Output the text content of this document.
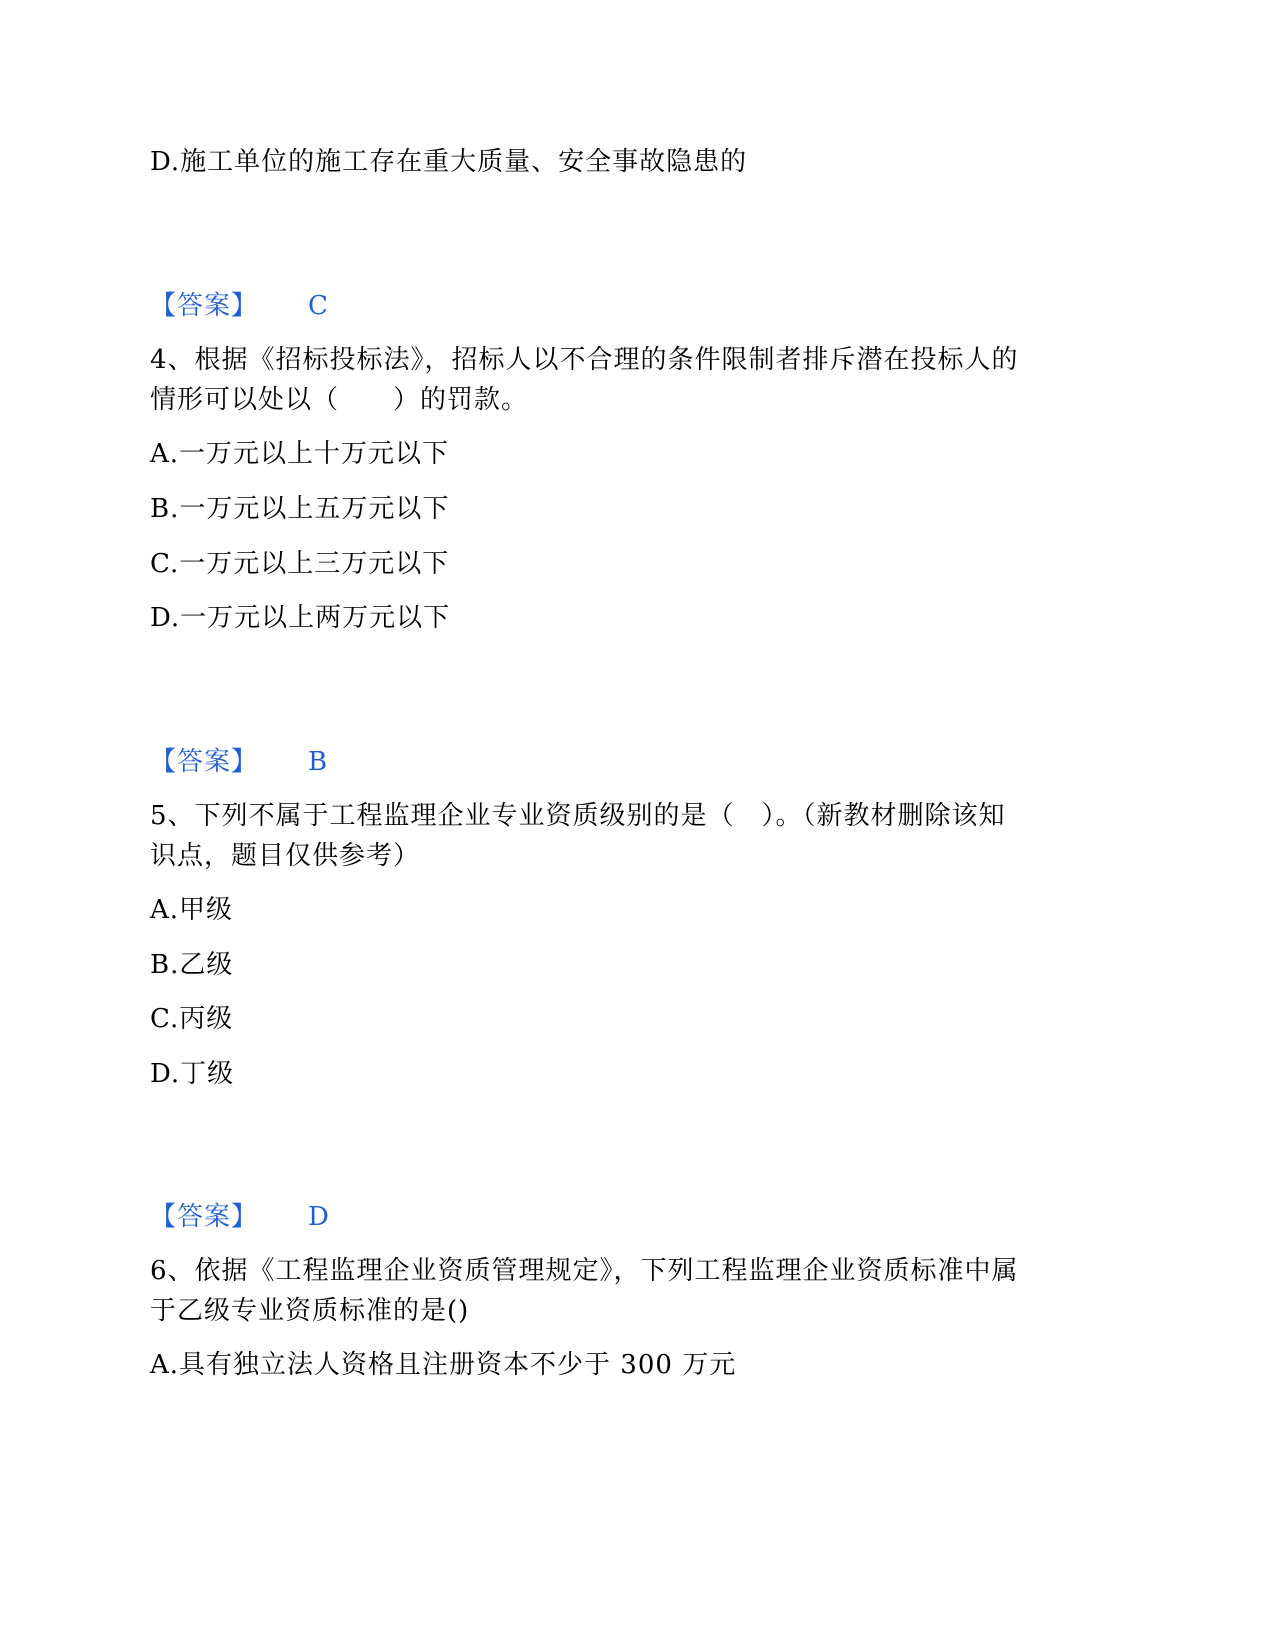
D.施工单位的施工存在重大质量、安全事故隐患的
【答案】 C
4、根据《招标投标法》，招标人以不合理的条件限制者排斥潜在投标人的
情形可以处以（　　）的罚款。
A.一万元以上十万元以下
B.一万元以上五万元以下
C.一万元以上三万元以下
D.一万元以上两万元以下
【答案】 B
5、下列不属于工程监理企业专业资质级别的是（　）。（新教材删除该知
识点，题目仅供参考）
A.甲级
B.乙级
C.丙级
D.丁级
【答案】 D
6、依据《工程监理企业资质管理规定》，下列工程监理企业资质标准中属
于乙级专业资质标准的是()
A.具有独立法人资格且注册资本不少于 300 万元
